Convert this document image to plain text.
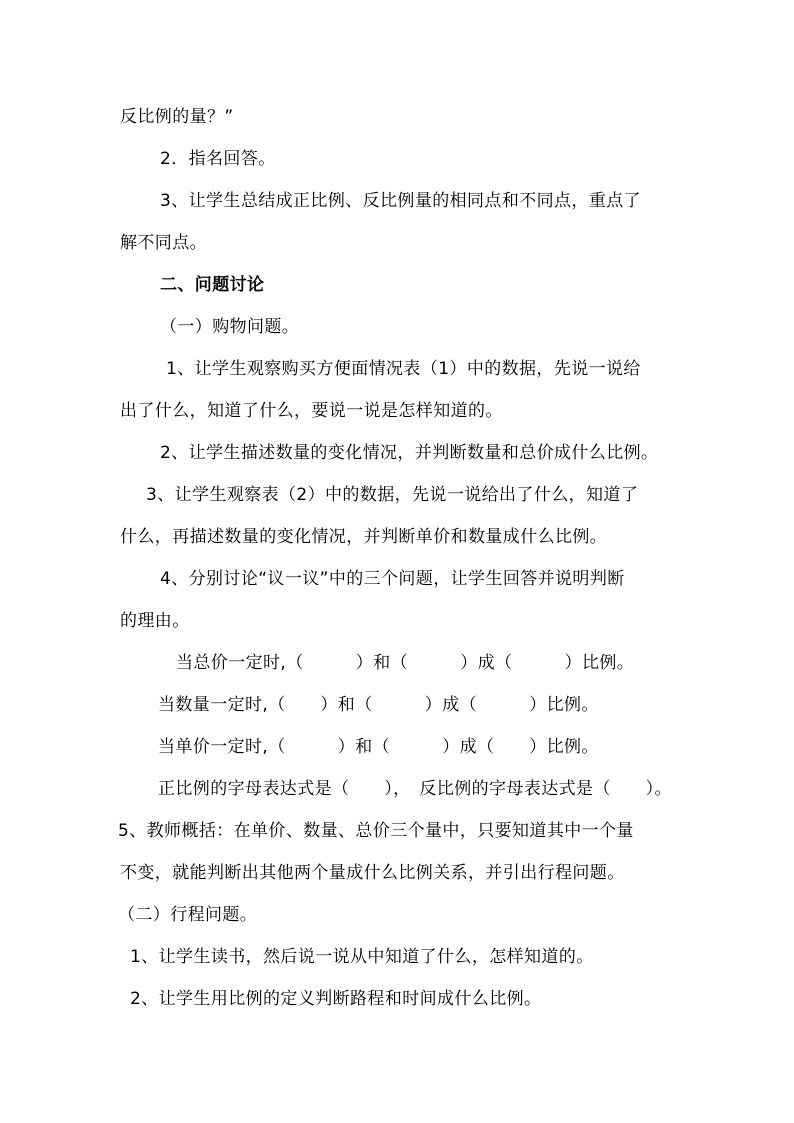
反比例的量？”
2．指名回答。
3、让学生总结成正比例、反比例量的相同点和不同点，重点了
解不同点。
二、问题讨论
（一）购物问题。
1、让学生观察购买方便面情况表（1）中的数据，先说一说给
出了什么，知道了什么，要说一说是怎样知道的。
2、让学生描述数量的变化情况，并判断数量和总价成什么比例。
3、让学生观察表（2）中的数据，先说一说给出了什么，知道了
什么，再描述数量的变化情况，并判断单价和数量成什么比例。
4、分别讨论“议一议”中的三个问题，让学生回答并说明判断
的理由。
当总价一定时,（　　　）和（　　　）成（　　　）比例。
当数量一定时,（　　）和（　　　）成（　　　）比例。
当单价一定时,（　　　）和（　　　）成（　　）比例。
正比例的字母表达式是（　　），　反比例的字母表达式是（　　）。
5、教师概括：在单价、数量、总价三个量中，只要知道其中一个量
不变，就能判断出其他两个量成什么比例关系，并引出行程问题。
（二）行程问题。
1、让学生读书，然后说一说从中知道了什么，怎样知道的。
2、让学生用比例的定义判断路程和时间成什么比例。
